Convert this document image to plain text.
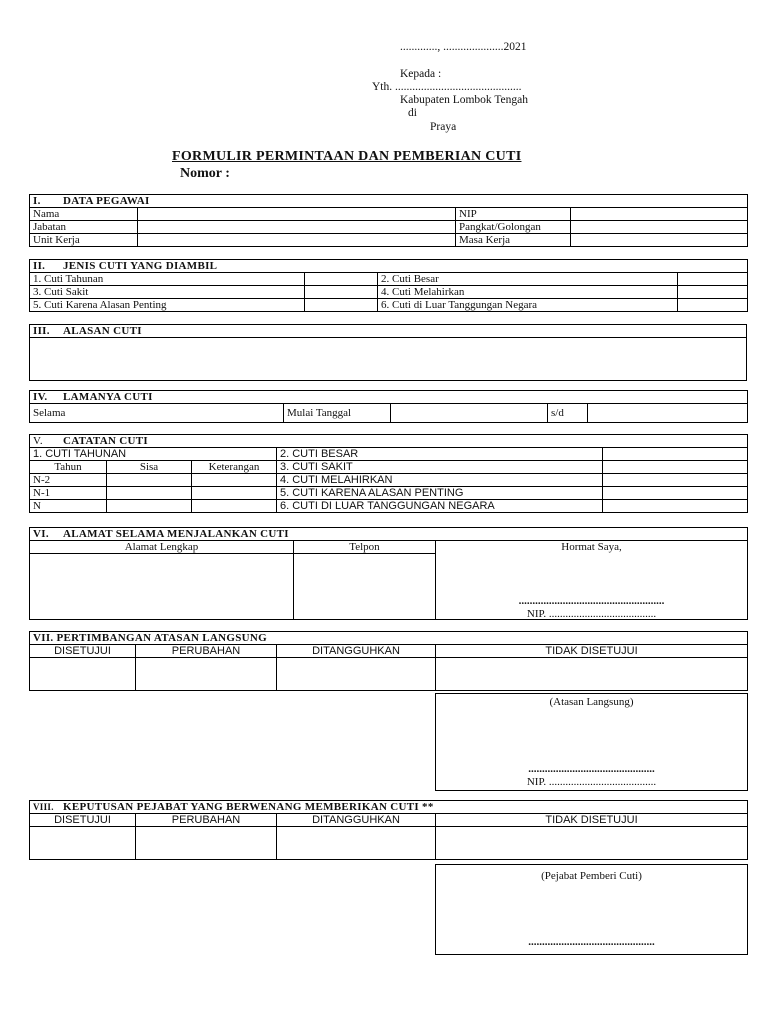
............., .....................2021
Kepada :
Yth. ............................................
Kabupaten Lombok Tengah
di
Praya
FORMULIR PERMINTAAN DAN PEMBERIAN CUTI
Nomor :
I. DATA PEGAWAI			
Nama		NIP	
Jabatan		Pangkat/Golongan	
Unit Kerja		Masa Kerja	
II. JENIS CUTI YANG DIAMBIL			
1. Cuti Tahunan		2. Cuti Besar	
3. Cuti Sakit		4. Cuti Melahirkan	
5. Cuti Karena Alasan Penting		6. Cuti di Luar Tanggungan Negara	
III. ALASAN CUTI

IV. LAMANYA CUTI
Selama	Mulai Tanggal		s/d	
V. CATATAN CUTI				
1. CUTI TAHUNAN			2. CUTI BESAR	
Tahun	Sisa	Keterangan	3. CUTI SAKIT	
N-2			4. CUTI MELAHIRKAN	
N-1			5. CUTI KARENA ALASAN PENTING	
N			6. CUTI DI LUAR TANGGUNGAN NEGARA	
VI. ALAMAT SELAMA MENJALANKAN CUTI		
Alamat Lengkap	Telpon	Hormat Saya,
.....................................................
NIP. .......................................

VII. PERTIMBANGAN ATASAN LANGSUNG			
DISETUJUI	PERUBAHAN	DITANGGUHKAN	TIDAK DISETUJUI

(Atasan Langsung)
..............................................
NIP. .......................................
VIII. KEPUTUSAN PEJABAT YANG BERWENANG MEMBERIKAN CUTI **			
DISETUJUI	PERUBAHAN	DITANGGUHKAN	TIDAK DISETUJUI

(Pejabat Pemberi Cuti)
..............................................
